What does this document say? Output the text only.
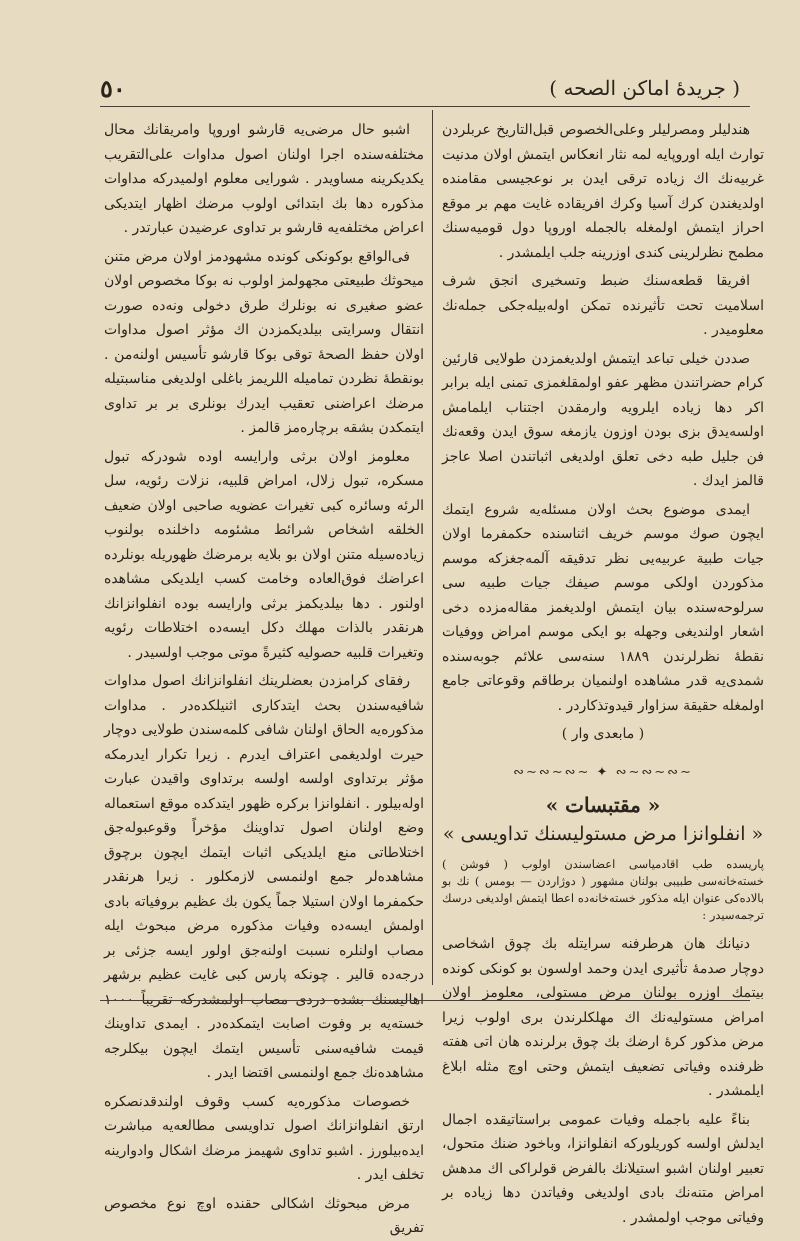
٥٠	( جريدهٔ اماكن الصحه )

هندلیلر ومصرلیلر وعلی‌الخصوص قبل‌التاریخ عربلردن توارث ایله اوروپایه لمه نثار انعکاس ایتمش اولان مدنیت غربیه‌نك اك زیاده ترقی ایدن بر نوعجیسی مقامنده اولدیغندن کرك آسیا وکرك افریقاده غایت مهم بر موقع احراز ایتمش اولمغله بالجمله اوروپا دول قومیه‌سنك مطمح نظرلرینی کندی اوزرینه جلب ایلمشدر .

افریقا قطعه‌سنك ضبط وتسخیری انجق شرف اسلامیت تحت تأثیرنده تمکن اوله‌بیله‌جکی جمله‌نك معلومیدر .

صددن خیلی تباعد ایتمش اولدیغمزدن طولایی قارئین کرام حضراتندن مظهر عفو اولمقلغمزی تمنی ایله برابر اکر دها زیاده ایلرویه وارمقدن اجتناب ایلمامش اولسه‌یدق بزی بودن اوزون یازمغه سوق ایدن وقعه‌نك فن جلیل طبه دخی تعلق اولدیغی اثباتندن اصلا عاجز قالمز ایدك .

ایمدی موضوع بحث اولان مسئله‌یه شروع ایتمك ایچون صوك موسم خریف اثناسنده حکمفرما اولان جیات طبیة عربیه‌یی نظر تدقیقه آلمه‌جغزکه موسم مذکوردن اولکی موسم صیفك جیات طبیه سی سرلوحه‌سنده بیان ایتمش اولدیغمز مقاله‌مزده دخی اشعار اولندیغی وجهله بو ایکی موسم امراض ووفیات نقطهٔ نظرلرندن ١٨٨٩ سنه‌سی علائم جوبه‌سنده شمدی‌یه قدر مشاهده اولنمیان برطاقم وقوعاتی جامع اولمغله حقیقة سزاوار قیدوتذکاردر .

( مابعدی وار )
∽∾∽∾∽∾ ✦ ∽∾∽∾∽∾
« مقتبسات »
« انفلوانزا مرض مستولیسنك تداویسی »
پاریسده طب اقادمیاسی اعضاسندن اولوب ( فوشن ) خسته‌خانه‌سی طبیبی بولنان مشهور ( دوژاردن — بومس ) نك بو بالاده‌کی عنوان ایله مذکور خسته‌خانه‌ده اعطا ایتمش اولدیغی درسك ترجمه‌سیدر :

دنیانك هان هرطرفنه سرایتله بك چوق اشخاصی دوچار صدمهٔ تأثیری ایدن وحمد اولسون بو کونکی کونده بیتمك اوزره بولنان مرض مستولی، معلومز اولان امراض مستولیه‌نك اك مهلکلرندن بری اولوب زیرا مرض مذکور کرهٔ ارضك بك چوق برلرنده هان اتی هفته ظرفنده وفیاتی تضعیف ایتمش وحتی اوچ مثله ابلاغ ایلمشدر .

بناءً علیه باجمله وفیات عمومی براستاتیقده اجمال ایدلش اولسه کوریلورکه انفلوانزا، وباخود ضنك متحول، تعبیر اولنان اشبو استیلانك بالفرض قولراکی اك مدهش امراض متنه‌نك بادی اولدیغی وفیاتدن دها زیاده بر وفیاتی موجب اولمشدر .

اشبو حال مرضی‌یه قارشو اوروپا وامریقانك محال مختلفه‌سنده اجرا اولنان اصول مداوات علی‌التقریب یکدیکرینه مساویدر . شورایی معلوم اولمیدرکه مداوات مذکوره دها بك ابتدائی اولوب مرضك اظهار ایتدیکی اعراض مختلفه‌یه قارشو بر تداوی عرضیدن عبارتدر .

فی‌الواقع بوکونکی کونده مشهودمز اولان مرض متنن میحوثك طبیعتی مجهولمز اولوب نه بوکا مخصوص اولان عضو صغیری نه بونلرك طرق دخولی ونه‌ده صورت انتقال وسرایتی بیلدیکمزدن اك مؤثر اصول مداوات اولان حفظ الصحهٔ توقی بوکا قارشو تأسیس اولنه‌من . بونقطهٔ نظردن تمامیله اللریمز باغلی اولدیغی مناسبتیله مرضك اعراضنی تعقیب ایدرك بونلری بر بر تداوی ایتمکدن بشقه برچاره‌مز قالمز .

معلومز اولان برثی وارایسه اوده شودرکه تبول مسکره، تبول زلال، امراض قلبیه، نزلات رئویه، سل الرئه وسائره کبی تغیرات عضویه صاحبی اولان ضعیف الخلقه اشخاص شرائط مشئومه داخلنده بولنوب زیاده‌سیله متنن اولان بو بلایه برمرضك ظهوریله بونلرده اعراضك فوق‌العاده وخامت کسب ایلدیکی مشاهده اولنور . دها بیلدیکمز برثی وارایسه بوده انفلوانزانك هرنقدر بالذات مهلك دکل ایسه‌ده اختلاطات رئویه وتغیرات قلبیه حصولیه کثیرةً موتی موجب اولسیدر .

رفقای کرامزدن بعضلرینك انفلوانزانك اصول مداوات شافیه‌سندن بحث ایتدکاری اثنیلکده‌در . مداوات مذکوره‌یه الحاق اولنان شافی کلمه‌سندن طولایی دوچار حیرت اولدیغمی اعتراف ایدرم . زیرا تکرار ایدرمکه مؤثر برتداوی اولسه اولسه برتداوی واقیدن عبارت اوله‌بیلور . انفلوانزا برکره ظهور ایتدکده موقع استعماله وضع اولنان اصول تداوینك مؤخراً وقوعبوله‌جق اختلاطاتی منع ایلدیکی اثبات ایتمك ایچون برچوق مشاهده‌لر جمع اولنمسی لازمکلور . زیرا هرنقدر حکمفرما اولان استیلا جماً یکون بك عظیم بروفیاته بادی اولمش ایسه‌ده وفیات مذکوره مرض مبحوث ایله مصاب اولنلره نسبت اولنه‌جق اولور ایسه جزئی بر درجه‌ده قالیر . چونکه پارس کبی غایت عظیم برشهر اهالیسنك بشده دردی مصاب اولمشدرکه تقریباً ١٠٠٠ خسته‌یه بر وفوت اصابت ایتمکده‌در . ایمدی تداوینك قیمت شافیه‌سنی تأسیس ایتمك ایچون بیکلرجه مشاهده‌نك جمع اولنمسی اقتضا ایدر .

خصوصات مذکوره‌یه کسب وقوف اولندقدنصکره ارتق انفلوانزانك اصول تداویسی مطالعه‌یه مباشرت ایده‌بیلورز . اشبو تداوی شهیمز مرضك اشکال وادوارینه تخلف ایدر .

مرض مبحوثك اشکالی حقنده اوچ نوع مخصوص تفریق
